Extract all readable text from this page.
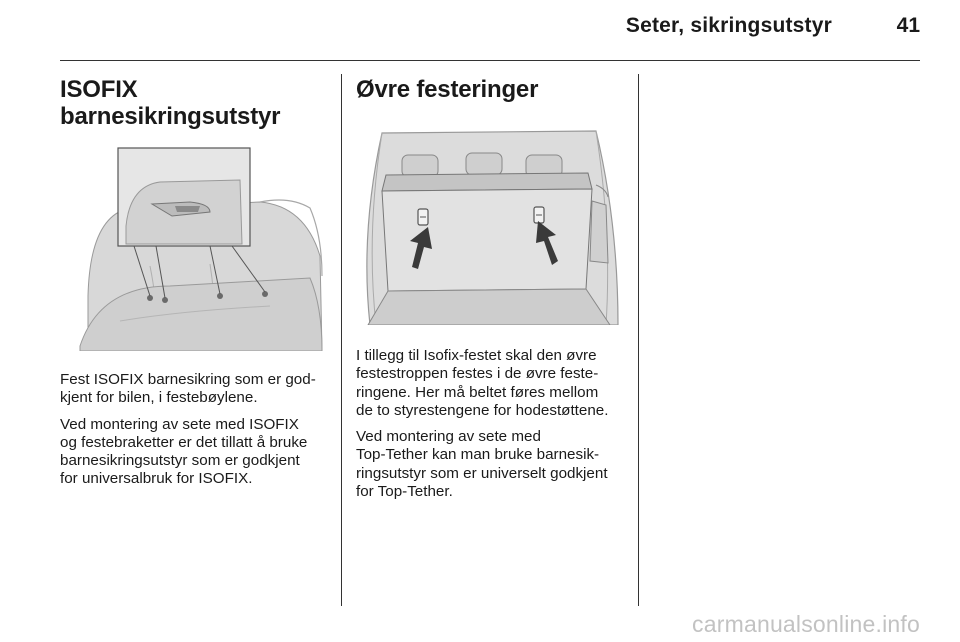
Seter, sikringsutstyr	41
ISOFIX
barnesikringsutstyr

Fest ISOFIX barnesikring som er god-
kjent for bilen, i festebøylene.

Ved montering av sete med ISOFIX
og festebraketter er det tillatt å bruke
barnesikringsutstyr som er godkjent
for universalbruk for ISOFIX.

Øvre festeringer

I tillegg til Isofix-festet skal den øvre
festestroppen festes i de øvre feste-
ringene. Her må beltet føres mellom
de to styrestengene for hodestøttene.

Ved montering av sete med
Top-Tether kan man bruke barnesik-
ringsutstyr som er universelt godkjent
for Top-Tether.

carmanualsonline.info
